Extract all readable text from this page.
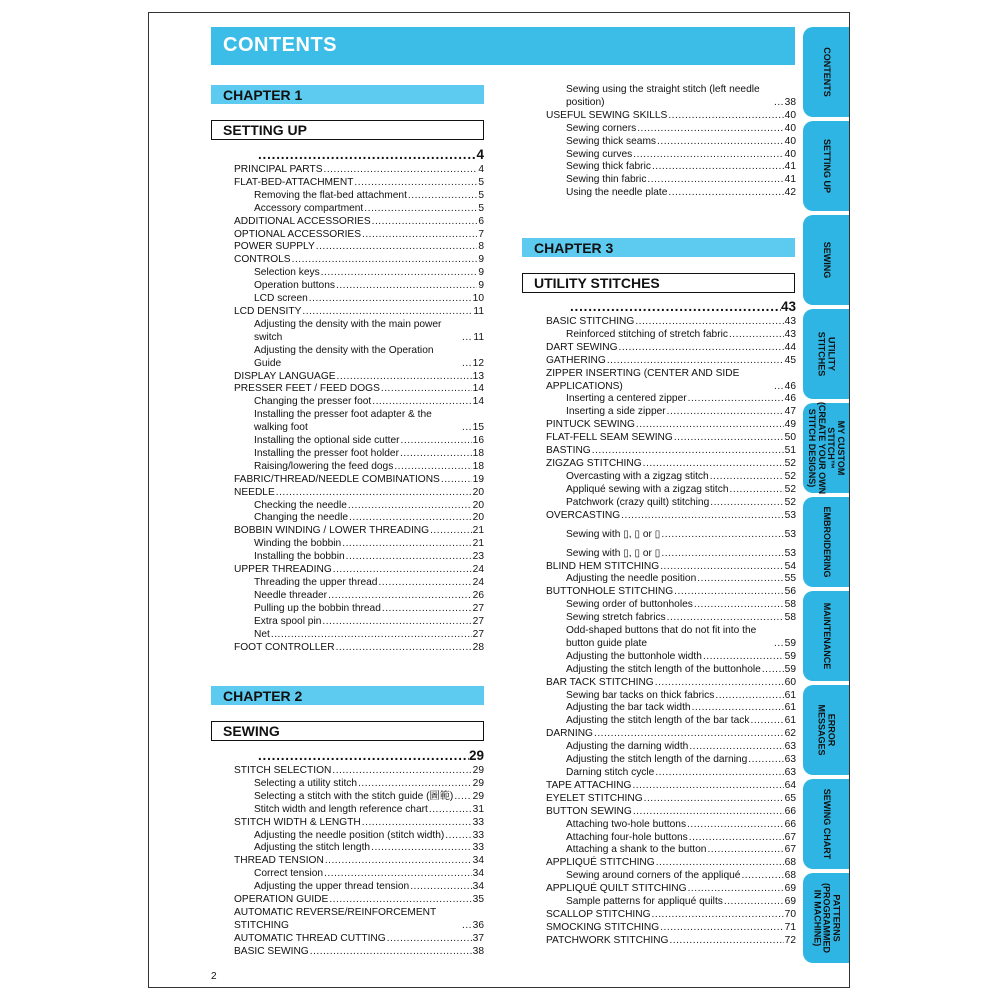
CONTENTS
CHAPTER 1
SETTING UP
.....
4
PRINCIPAL PARTS .....	4
FLAT-BED-ATTACHMENT .....	5
Removing the flat-bed attachment .....	5
Accessory compartment .....	5
ADDITIONAL ACCESSORIES .....	6
OPTIONAL ACCESSORIES .....	7
POWER SUPPLY .....	8
CONTROLS .....	9
Selection keys .....	9
Operation buttons .....	9
LCD screen .....	10
LCD DENSITY .....	11
Adjusting the density with the main power switch .....	11
Adjusting the density with the Operation Guide .....	12
DISPLAY LANGUAGE .....	13
PRESSER FEET / FEED DOGS .....	14
Changing the presser foot .....	14
Installing the presser foot adapter & the walking foot .....	15
Installing the optional side cutter .....	16
Installing the presser foot holder .....	18
Raising/lowering the feed dogs .....	18
FABRIC/THREAD/NEEDLE COMBINATIONS .....	19
NEEDLE .....	20
Checking the needle .....	20
Changing the needle .....	20
BOBBIN WINDING / LOWER THREADING .....	21
Winding the bobbin .....	21
Installing the bobbin .....	23
UPPER THREADING .....	24
Threading the upper thread .....	24
Needle threader .....	26
Pulling up the bobbin thread .....	27
Extra spool pin .....	27
Net .....	27
FOOT CONTROLLER .....	28
CHAPTER 2
SEWING
.....
29
STITCH SELECTION .....	29
Selecting a utility stitch .....	29
Selecting a stitch with the stitch guide (圖範) ..... 29
Stitch width and length reference chart .....	31
STITCH WIDTH & LENGTH .....	33
Adjusting the needle position (stitch width) .....	33
Adjusting the stitch length .....	33
THREAD TENSION .....	34
Correct tension .....	34
Adjusting the upper thread tension .....	34
OPERATION GUIDE .....	35
AUTOMATIC REVERSE/REINFORCEMENT STITCHING .....	36
AUTOMATIC THREAD CUTTING .....	37
BASIC SEWING .....	38
Sewing using the straight stitch (left needle position) .....	38
USEFUL SEWING SKILLS .....	40
Sewing corners .....	40
Sewing thick seams .....	40
Sewing curves .....	40
Sewing thick fabric .....	41
Sewing thin fabric .....	41
Using the needle plate .....	42
CHAPTER 3
UTILITY STITCHES
.....
43
BASIC STITCHING .....	43
Reinforced stitching of stretch fabric .....	43
DART SEWING .....	44
GATHERING .....	45
ZIPPER INSERTING (CENTER AND SIDE APPLICATIONS) .....	46
Inserting a centered zipper .....	46
Inserting a side zipper .....	47
PINTUCK SEWING .....	49
FLAT-FELL SEAM SEWING .....	50
BASTING .....	51
ZIGZAG STITCHING .....	52
Overcasting with a zigzag stitch .....	52
Appliqué sewing with a zigzag stitch .....	52
Patchwork (crazy quilt) stitching .....	52
OVERCASTING .....	53
Sewing with ▯, ▯ or ▯ .....	53
Sewing with ▯, ▯ or ▯ .....	53
BLIND HEM STITCHING .....	54
Adjusting the needle position .....	55
BUTTONHOLE STITCHING .....	56
Sewing order of buttonholes .....	58
Sewing stretch fabrics .....	58
Odd-shaped buttons that do not fit into the button guide plate .....	59
Adjusting the buttonhole width .....	59
Adjusting the stitch length of the buttonhole ..... 59
BAR TACK STITCHING .....	60
Sewing bar tacks on thick fabrics .....	61
Adjusting the bar tack width .....	61
Adjusting the stitch length of the bar tack .....	61
DARNING .....	62
Adjusting the darning width .....	63
Adjusting the stitch length of the darning .....	63
Darning stitch cycle .....	63
TAPE ATTACHING .....	64
EYELET STITCHING .....	65
BUTTON SEWING .....	66
Attaching two-hole buttons .....	66
Attaching four-hole buttons .....	67
Attaching a shank to the button .....	67
APPLIQUÉ STITCHING .....	68
Sewing around corners of the appliqué .....	68
APPLIQUÉ QUILT STITCHING .....	69
Sample patterns for appliqué quilts .....	69
SCALLOP STITCHING .....	70
SMOCKING STITCHING .....	71
PATCHWORK STITCHING .....	72
2
CONTENTS
SETTING UP
SEWING
UTILITY
STITCHES
MY CUSTOM
STITCH™
(CREATE YOUR OWN
STITCH DESIGNS)
EMBROIDERING
MAINTENANCE
ERROR
MESSAGES
SEWING CHART
PATTERNS
(PROGRAMMED
IN MACHINE)
